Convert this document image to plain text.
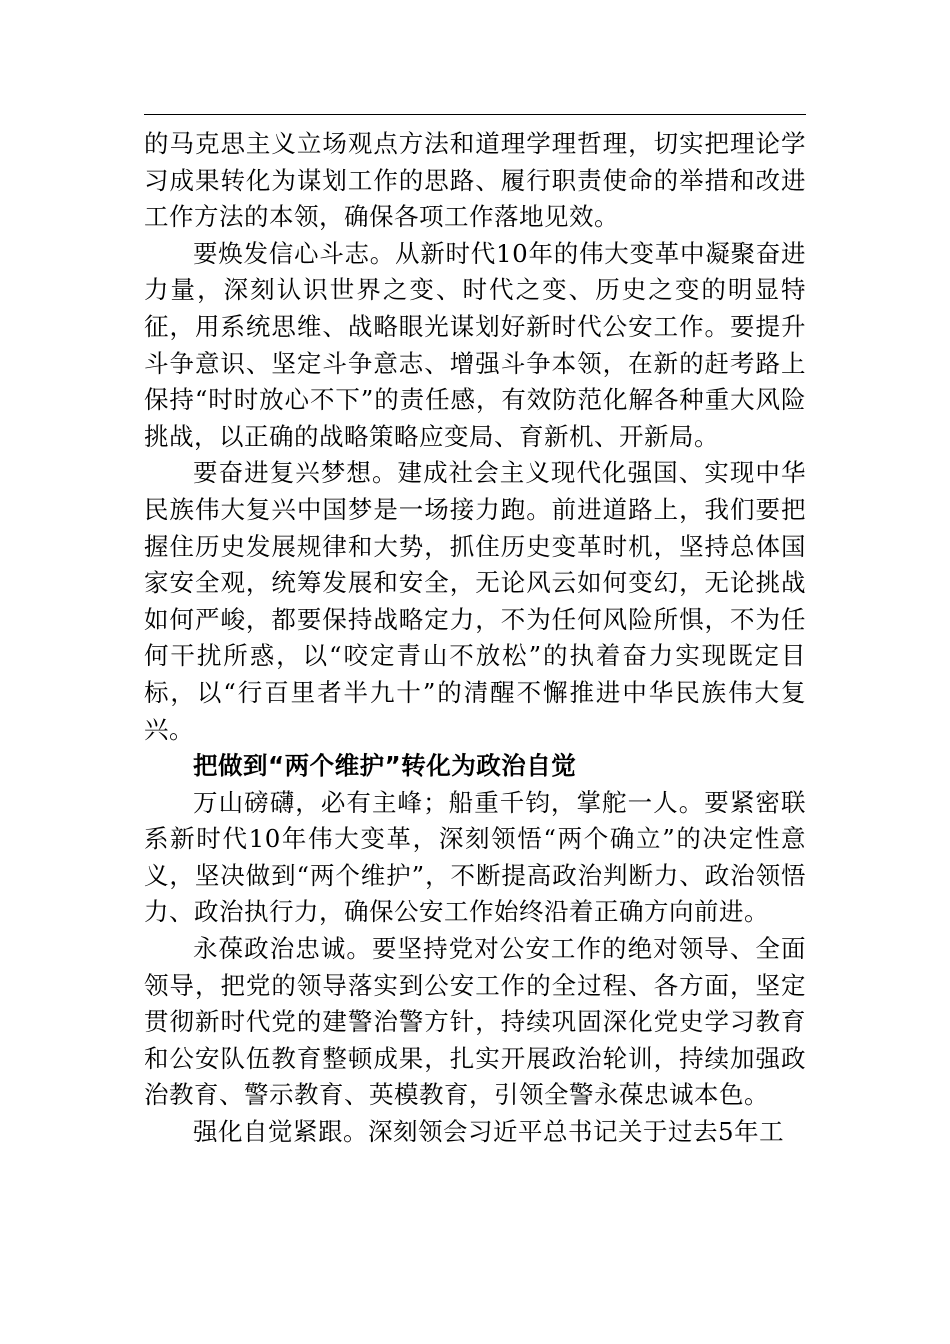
的马克思主义立场观点方法和道理学理哲理，切实把理论学习成果转化为谋划工作的思路、履行职责使命的举措和改进工作方法的本领，确保各项工作落地见效。

要焕发信心斗志。从新时代10年的伟大变革中凝聚奋进力量，深刻认识世界之变、时代之变、历史之变的明显特征，用系统思维、战略眼光谋划好新时代公安工作。要提升斗争意识、坚定斗争意志、增强斗争本领，在新的赶考路上保持“时时放心不下”的责任感，有效防范化解各种重大风险挑战，以正确的战略策略应变局、育新机、开新局。

要奋进复兴梦想。建成社会主义现代化强国、实现中华民族伟大复兴中国梦是一场接力跑。前进道路上，我们要把握住历史发展规律和大势，抓住历史变革时机，坚持总体国家安全观，统筹发展和安全，无论风云如何变幻，无论挑战如何严峻，都要保持战略定力，不为任何风险所惧，不为任何干扰所惑，以“咬定青山不放松”的执着奋力实现既定目标，以“行百里者半九十”的清醒不懈推进中华民族伟大复兴。

把做到“两个维护”转化为政治自觉

万山磅礴，必有主峰；船重千钧，掌舵一人。要紧密联系新时代10年伟大变革，深刻领悟“两个确立”的决定性意义，坚决做到“两个维护”，不断提高政治判断力、政治领悟力、政治执行力，确保公安工作始终沿着正确方向前进。

永葆政治忠诚。要坚持党对公安工作的绝对领导、全面领导，把党的领导落实到公安工作的全过程、各方面，坚定贯彻新时代党的建警治警方针，持续巩固深化党史学习教育和公安队伍教育整顿成果，扎实开展政治轮训，持续加强政治教育、警示教育、英模教育，引领全警永葆忠诚本色。

强化自觉紧跟。深刻领会习近平总书记关于过去5年工
